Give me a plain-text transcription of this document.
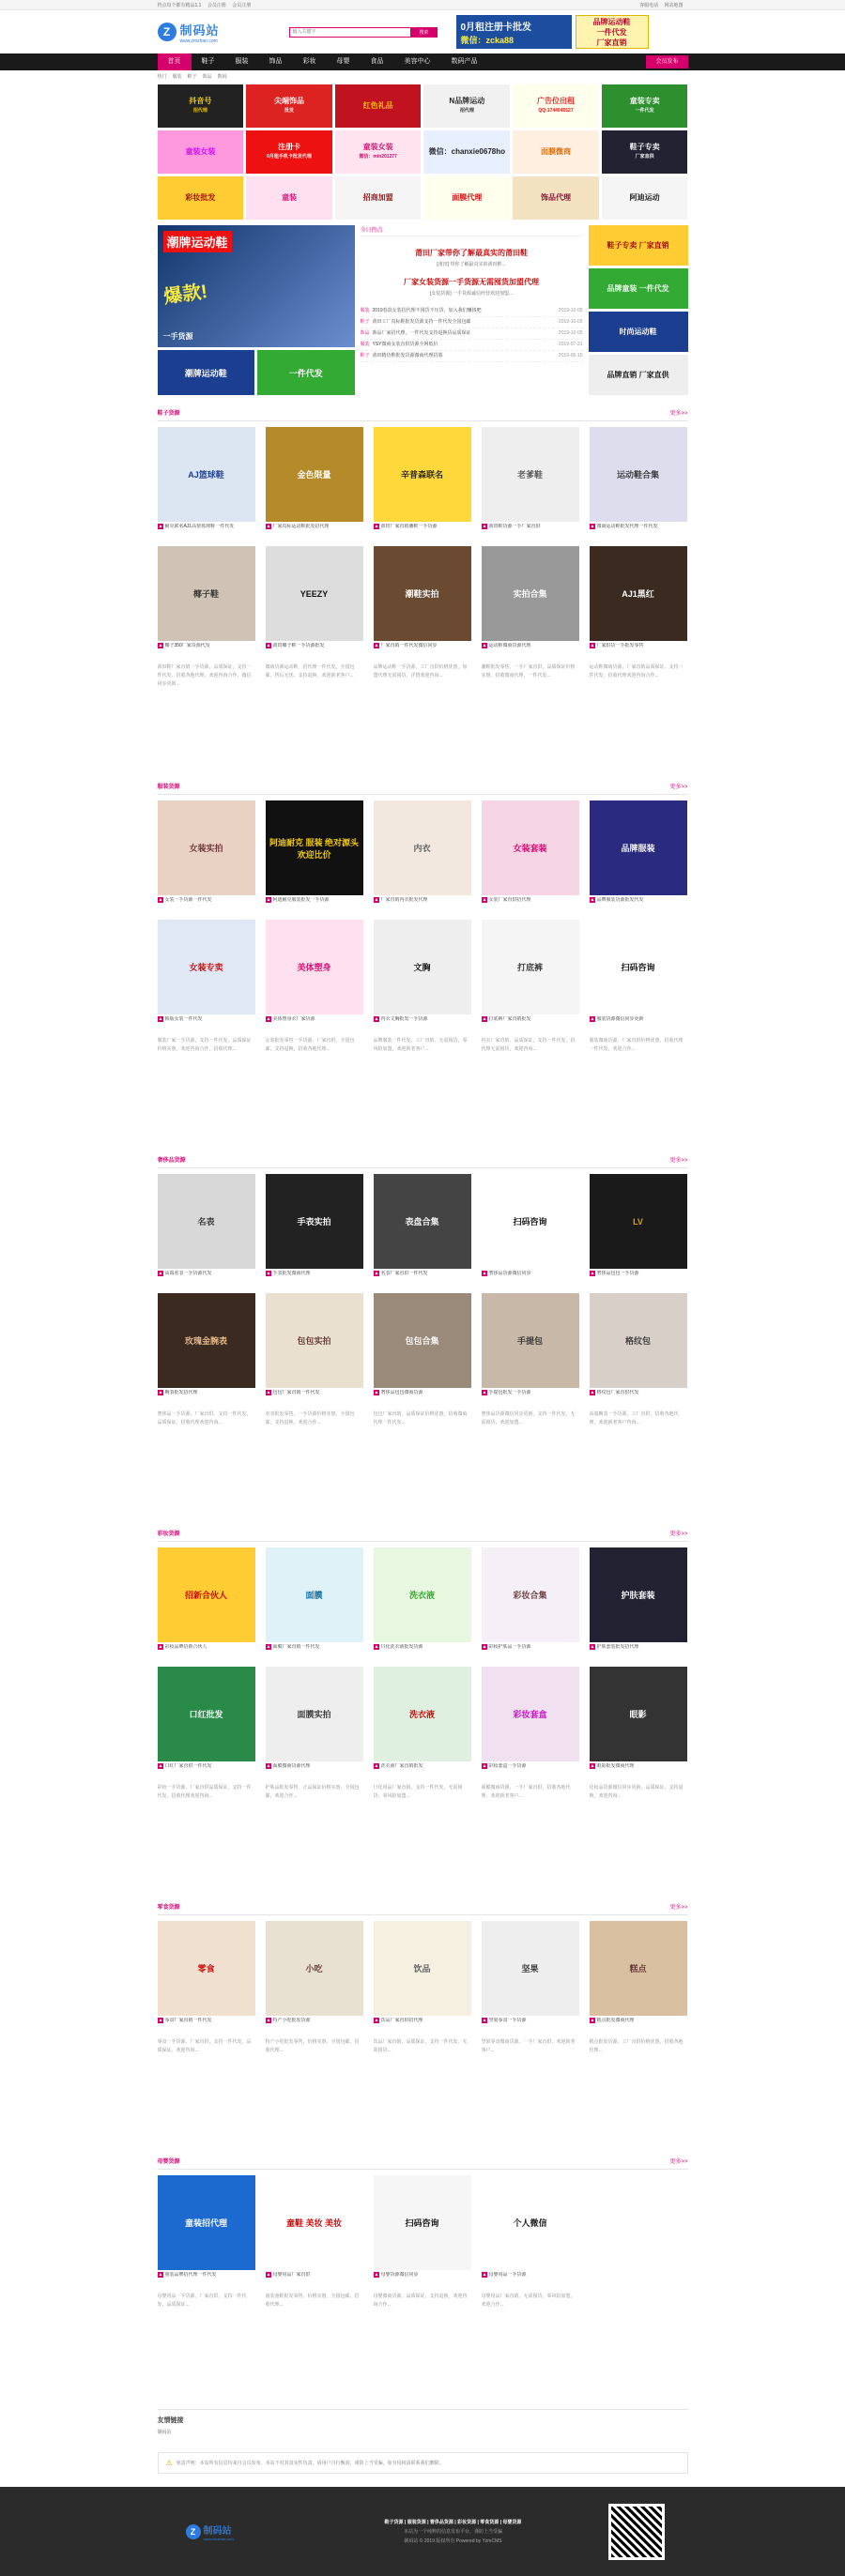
档点每个都有精品1.1 会员注册 会员注册	客服电话 网站地图
Z 制码站
www.zmzhan.com
输入关键字
搜索	0月租注册卡批发
微信：zcka88
品牌运动鞋
一件代发
厂家直销
首页	鞋子	服装	饰品	彩妆	母婴	食品	美容中心	数码产品	会员发布
热门 服装 鞋子 饰品 数码
抖音号
招代理
尖端饰品
批发
红色礼品
N品牌运动
招代理
广告位出租
QQ:1744045527
童装专卖
一件代发
童装女装
注册卡
0月租手机卡批发代理
童装女装
微信：min201277
微信：chanxie0678ho	面膜微商
鞋子专卖
厂家直供
彩妆批发	童装	招商加盟	面膜代理	饰品代理	阿迪运动
潮牌运动鞋
爆款!
一手货源
潮牌运动鞋	一件代发
今日热点
莆田厂家带你了解最真实的莆田鞋
[莆田] 带你了解最真实的莆田鞋...
厂家女装货源一手货源无需囤货加盟代理
[女装货源] 一手货源诚信经营欢迎加盟...
服装 2019春款女装招代理不囤货不压货，加入我们赚钱吧	2019-10-05
鞋子 莆田工厂真标鞋批发货源支持一件代发全国包邮	2019-10-05
饰品 饰品厂家招代理，一件代发支持退换货品质保证	2019-10-05
服装 YSY微商女装直供货源全网低价	2019-07-31
鞋子 莆田精仿鞋批发货源微商代理招募	2019-05-15
鞋子专卖 厂家直销
品牌童装 一件代发
时尚运动鞋
品牌直销 厂家直供
鞋子货源	更多>>
AJ篮球鞋
▲ 耐克联名AJ1高帮篮球鞋一件代发
金色限量
▲ 厂家真标运动鞋批发招代理
辛普森联名
▲ 莆田厂家直销潮鞋一手货源
老爹鞋
▲ 莆田鞋货源一手厂家直供
运动鞋合集
▲ 微商运动鞋批发代理一件代发
椰子鞋
▲ 椰子350厂家货源代发
YEEZY
▲ 莆田椰子鞋一手货源批发
潮鞋实拍
▲ 厂家直销一件代发微信同步
实拍合集
▲ 运动鞋微商货源代理
AJ1黑红
▲ 厂家供货一手批发零售
莆田鞋厂家直销一手货源，品质保证，支持一件代发，招收各地代理，欢迎咨询合作，微信同步更新...
微商货源运动鞋，招代理一件代发，全国包邮，售后无忧，支持退换，欢迎新老客户...
品牌运动鞋一手货源，工厂直供价格优惠，加盟代理无需囤货，详情欢迎咨询...
潮鞋批发零售，一手厂家直供，品质保证价格实惠，招收微商代理，一件代发...
运动鞋微商货源，厂家直销品质保证，支持一件代发，招收代理欢迎咨询合作...
服装货源	更多>>
女装实拍
▲ 女装一手货源一件代发
阿迪耐克 服装 绝对源头 欢迎比价
▲ 阿迪耐克服装批发一手货源
内衣
▲ 厂家直销内衣批发代理
女装套装
▲ 女装厂家直供招代理
品牌服装
▲ 品牌服装货源批发代发
女装专卖
▲ 韩版女装一件代发
美体塑身
▲ 美体塑身衣厂家货源
文胸
▲ 内衣文胸批发一手货源
打底裤
▲ 打底裤厂家直销批发
扫码咨询
▲ 服装货源微信同步更新
服装厂家一手货源，支持一件代发，品质保证价格实惠，欢迎咨询合作，招收代理...
女装批发零售一手货源，厂家直供，全国包邮，支持退换，招收各地代理...
品牌服装一件代发，工厂直销，无需囤货，零风险加盟，欢迎新老客户...
内衣厂家直销，品质保证，支持一件代发，招代理无需囤货，欢迎咨询...
服装微商货源，厂家直供价格优惠，招收代理一件代发，欢迎合作...
奢侈品货源	更多>>
名表
▲ 高端名表一手货源代发
手表实拍
▲ 手表批发微商代理
表盘合集
▲ 名表厂家直供一件代发
扫码咨询
▲ 奢侈品货源微信同步
LV
▲ 奢侈品包包一手货源
玫瑰金腕表
▲ 腕表批发招代理
包包实拍
▲ 包包厂家直销一件代发
包包合集
▲ 奢侈品包包微商货源
手提包
▲ 手提包批发一手货源
格纹包
▲ 格纹包厂家直供代发
奢侈品一手货源，厂家直供，支持一件代发，品质保证，招收代理欢迎咨询...
名表批发零售，一手货源价格实惠，全国包邮，支持退换，欢迎合作...
包包厂家直销，品质保证价格优惠，招收微商代理一件代发...
奢侈品货源微信同步更新，支持一件代发，无需囤货，欢迎加盟...
高端腕表一手货源，工厂直供，招收各地代理，欢迎新老客户咨询...
彩妆货源	更多>>
招新合伙人
▲ 彩妆品牌招新合伙人
面膜
▲ 面膜厂家直销一件代发
洗衣液
▲ 日化洗衣液批发货源
彩妆合集
▲ 彩妆护肤品一手货源
护肤套装
▲ 护肤套装批发招代理
口红批发
▲ 口红厂家直供一件代发
面膜实拍
▲ 面膜微商货源代理
洗衣液
▲ 洗衣液厂家直销批发
彩妆套盒
▲ 彩妆套盒一手货源
眼影
▲ 眼影批发微商代理
彩妆一手货源，厂家直供品质保证，支持一件代发，招收代理欢迎咨询...
护肤品批发零售，正品保证价格实惠，全国包邮，欢迎合作...
日化用品厂家直销，支持一件代发，无需囤货，零风险加盟...
面膜微商货源，一手厂家直供，招收各地代理，欢迎新老客户...
化妆品货源微信同步更新，品质保证，支持退换，欢迎咨询...
零食货源	更多>>
零食
▲ 零食厂家直销一件代发
小吃
▲ 特产小吃批发货源
饮品
▲ 饮品厂家直供招代理
坚果
▲ 坚果零食一手货源
糕点
▲ 糕点批发微商代理
零食一手货源，厂家直供，支持一件代发，品质保证，欢迎咨询...
特产小吃批发零售，价格实惠，全国包邮，招收代理...
饮品厂家直销，品质保证，支持一件代发，无需囤货...
坚果零食微商货源，一手厂家直供，欢迎新老客户...
糕点批发货源，工厂直供价格优惠，招收各地代理...
母婴货源	更多>>
童装招代理
▲ 童装品牌招代理一件代发
童鞋 美妆 美妆
▲ 母婴用品厂家直供
扫码咨询
▲ 母婴货源微信同步
个人微信
▲ 母婴用品一手货源
母婴用品一手货源，厂家直供，支持一件代发，品质保证...
童装童鞋批发零售，价格实惠，全国包邮，招收代理...
母婴微商货源，品质保证，支持退换，欢迎咨询合作...
母婴用品厂家直销，无需囤货，零风险加盟，欢迎合作...
友情链接
制码站
⚠ 免责声明：本站所有信息均来自会员发布，本站不对其真实性负责，请用户自行甄别，谨防上当受骗，如有侵权请联系我们删除。
Z 制码站
www.zmzhan.com
鞋子货源 | 服装货源 | 奢侈品货源 | 彩妆货源 | 零食货源 | 母婴货源
本站为一个纯粹的信息发布平台，谨防上当受骗
制码站 © 2019 版权所有 Powered by YzmCMS
https://www.huzhan.com/ishop1012
